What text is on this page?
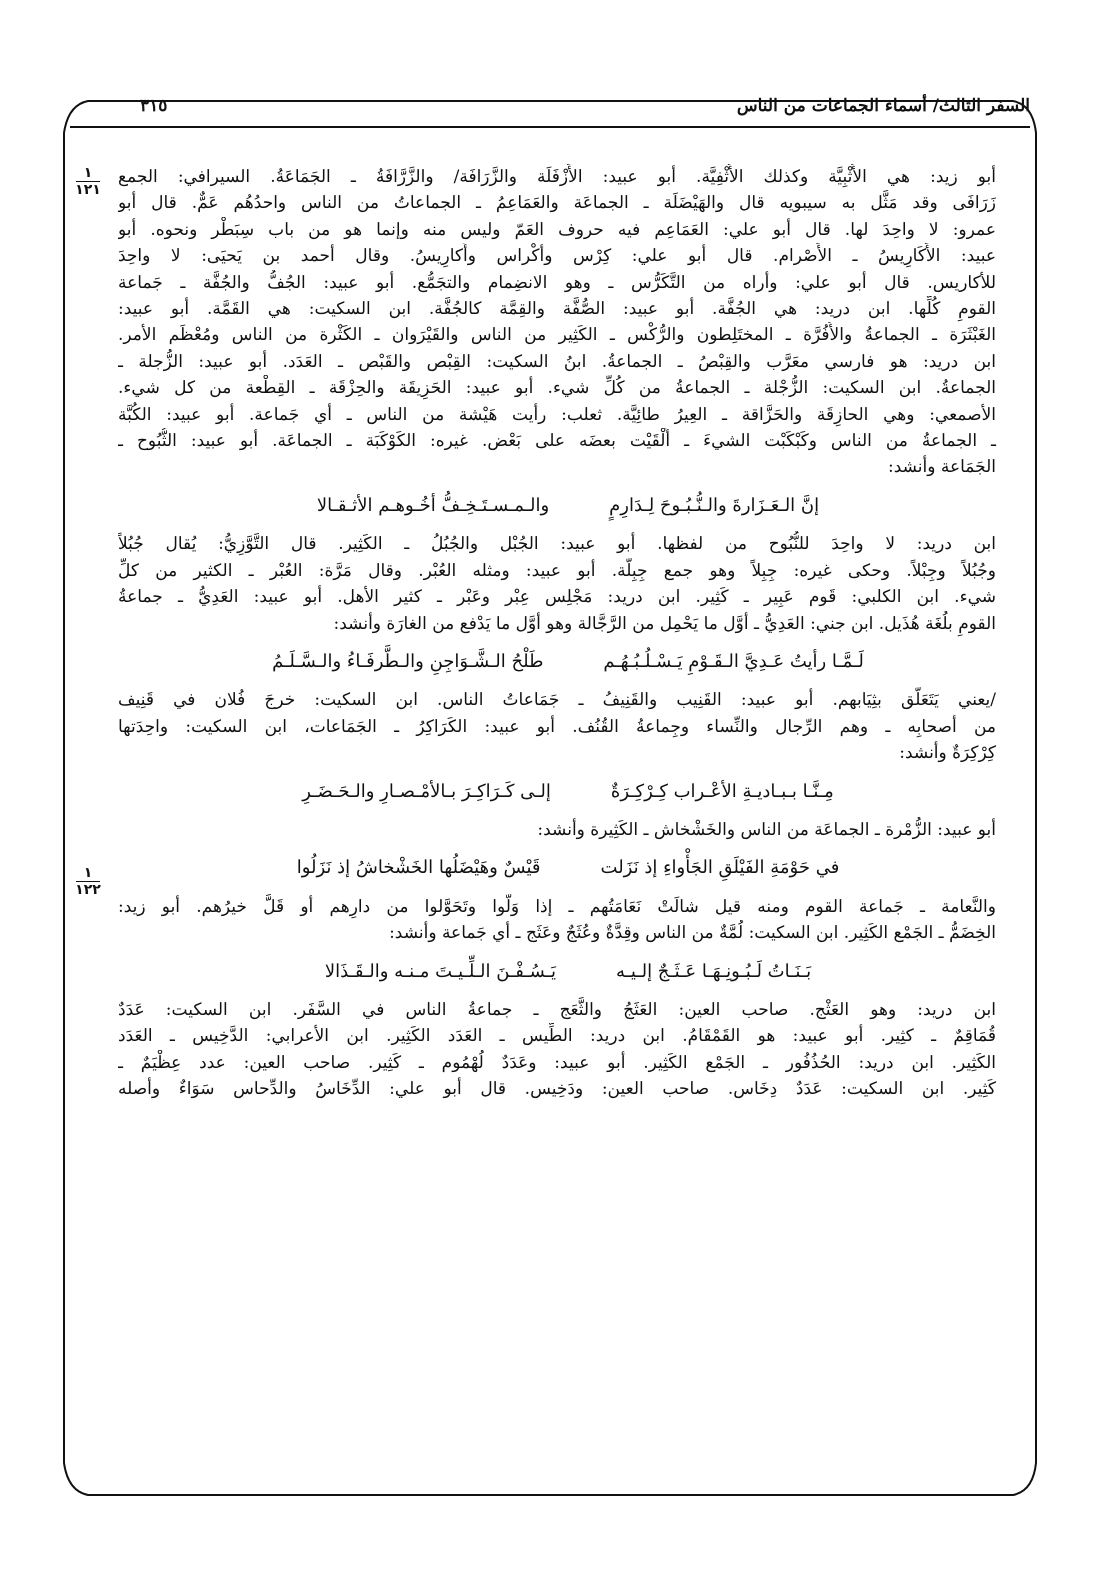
السفر الثالث/ أسماء الجماعات من الناس
٣١٥
١
١٢١
١
١٢٢

أبو زيد: هي الأُثْبِيَّة وكذلك الأُثْفِيَّة. أبو عبيد: الأَزْفَلَة والزَّرَافَة/ والزَّرَّافَةُ ـ الجَمَاعَةُ. السيرافي: الجمع
زَرَافَى وقد مَثَّل به سيبويه قال والهَيْضَلَة ـ الجماعَة والعَمَاعِمُ ـ الجماعاتُ من الناس واحدُهُم عَمٌّ. قال أبو
عمرو: لا واحِدَ لها. قال أبو علي: العَمَاعِم فيه حروف العَمّ وليس منه وإنما هو من باب سِبَطْر ونحوه. أبو
عبيد: الأَكَارِيسُ ـ الأَصْرام. قال أبو علي: كِرْس وأكْراس وأَكارِيسُ. وقال أحمد بن يَحيَى: لا واحِدَ
للأكاريس. قال أبو علي: وأراه من التَّكَرُّس ـ وهو الانضِمام والتجَمُّع. أبو عبيد: الجُفُّ والجُفَّة ـ جَماعة
القومِ كُلِّها. ابن دريد: هي الجُفَّة. أبو عبيد: الصُّفَّة والقِمَّة كالجُفَّة. ابن السكيت: هي القَمَّة. أبو عبيد:
الغَبْثَرَة ـ الجماعةُ والأُفُرَّة ـ المختَلِطون والرُّكْس ـ الكَثِير من الناس والقَيْرَوان ـ الكَثْرة من الناس ومُعْظَم الأمر.
ابن دريد: هو فارسي معَرَّب والقِبْصُ ـ الجماعةُ. ابنُ السكيت: القِبْص والقَبْص ـ العَدَد. أبو عبيد: الزُّجلة ـ
الجماعةُ. ابن السكيت: الزُّجْلة ـ الجماعةُ من كُلِّ شيء. أبو عبيد: الحَزِيقَة والحِزْقَة ـ القِطْعة من كل شيء.
الأصمعي: وهي الحازِقَة والحَزَّاقة ـ العِيرُ طائِيَّة. ثعلب: رأيت هَيْشة من الناس ـ أي جَماعة. أبو عبيد: الكُبَّة
ـ الجماعةُ من الناس وكَبْكَبْت الشيءَ ـ أَلْقَيْت بعضَه على بَعْض. غيره: الكَوْكَبَة ـ الجماعَة. أبو عبيد: الثُّبُوح ـ
الجَمَاعة وأنشد:

إنَّ الـعَـزَارةَ والـنُّـبُـوحَ لِـدَارِمٍ
والـمـسـتَـخِـفُّ أخُـوهـم الأثـقـالا

ابن دريد: لا واحِدَ للنُّبُوح من لفظها. أبو عبيد: الجُبْل والجُبُلُ ـ الكَثِير. قال التَّوَّزِيُّ: يُقال جُبُلاً
وجُبُلاً وجِبْلاً. وحكى غيره: جِبِلاً وهو جمع جِبِلَّة. أبو عبيد: ومثله العُبْر. وقال مَرَّة: العُبْر ـ الكثير من كلِّ
شيء. ابن الكلبي: قَوم عَبِير ـ كَثِير. ابن دريد: مَجْلِس عِبْر وعَبْر ـ كثير الأهل. أبو عبيد: العَدِيُّ ـ جماعةُ
القومِ بلُغَة هُذَيل. ابن جني: العَدِيُّ ـ أوَّل ما يَحْمِل من الرَّجَّالة وهو أوَّل ما يَدْفع من الغارَة وأنشد:

لَـمَّـا رأيتُ عَـدِيَّ الـقَـوْمِ يَـسْـلُـبُـهُـم
طَلْحُ الـشَّـوَاجِنِ والـطَّرفَـاءُ والـسَّـلَـمُ

/يعني يَتَعَلَّق بثِيَابهم. أبو عبيد: القَنِيب والقَنِيفُ ـ جَمَاعاتُ الناس. ابن السكيت: خرجَ فُلان في قَنِيف
من أصحابِه ـ وهم الرِّجال والنِّساء وجِماعةُ القُنُف. أبو عبيد: الكَرَاكِرُ ـ الجَمَاعات، ابن السكيت: واحِدَتها
كِرْكِرَةٌ وأنشد:

مِـنَّـا بـبـاديـةِ الأعْـراب كِـرْكِـرَةٌ
إلـى كَـرَاكِـرَ بـالأمْـصـارِ والـحَـضَـرِ

أبو عبيد: الزُّمْرة ـ الجماعَة من الناس والخَشْخاش ـ الكَثِيرة وأنشد:

في حَوْمَةِ الفَيْلَقِ الجَأْواءِ إذ نَزَلت
قَيْسٌ وهَيْضَلُها الخَشْخاشُ إذ نَزَلُوا

والنَّعامة ـ جَماعة القوم ومنه قيل شالَتْ نَعَامَتُهم ـ إذا وَلَّوا وتَحَوَّلوا من دارِهم أو قَلَّ خيرُهم. أبو زيد:
الخِضَمُّ ـ الجَمْع الكَثِير. ابن السكيت: لُمَّةٌ من الناس وقِدَّةٌ وعُثَجٌ وعَثَج ـ أي جَماعة وأنشد:

بَـنَـاتُ لَـبُـونِـهَـا عَـثَـجٌ إلـيـه
يَـسُـفْـنَ الـلِّـيـتَ مـنـه والـقَـذَالا

ابن دريد: وهو العَثْج. صاحب العين: العَثَجُ والثَّعَج ـ جماعةُ الناس في السَّفَر. ابن السكيت: عَدَدٌ
قُمَاقِمٌ ـ كثِير. أبو عبيد: هو القَمْقَامُ. ابن دريد: الطِّيس ـ العَدَد الكَثِير. ابن الأعرابي: الدَّخِيس ـ العَدَد
الكَثِير. ابن دريد: الحُذُفُور ـ الجَمْع الكَثِير. أبو عبيد: وعَدَدٌ لُهْمُوم ـ كَثِير. صاحب العين: عدد عِظْيَمٌ ـ
كَثِير. ابن السكيت: عَدَدٌ دِخَاس. صاحب العين: ودَخِيس. قال أبو علي: الدِّخَاسُ والدِّحاس سَوَاءٌ وأصله
